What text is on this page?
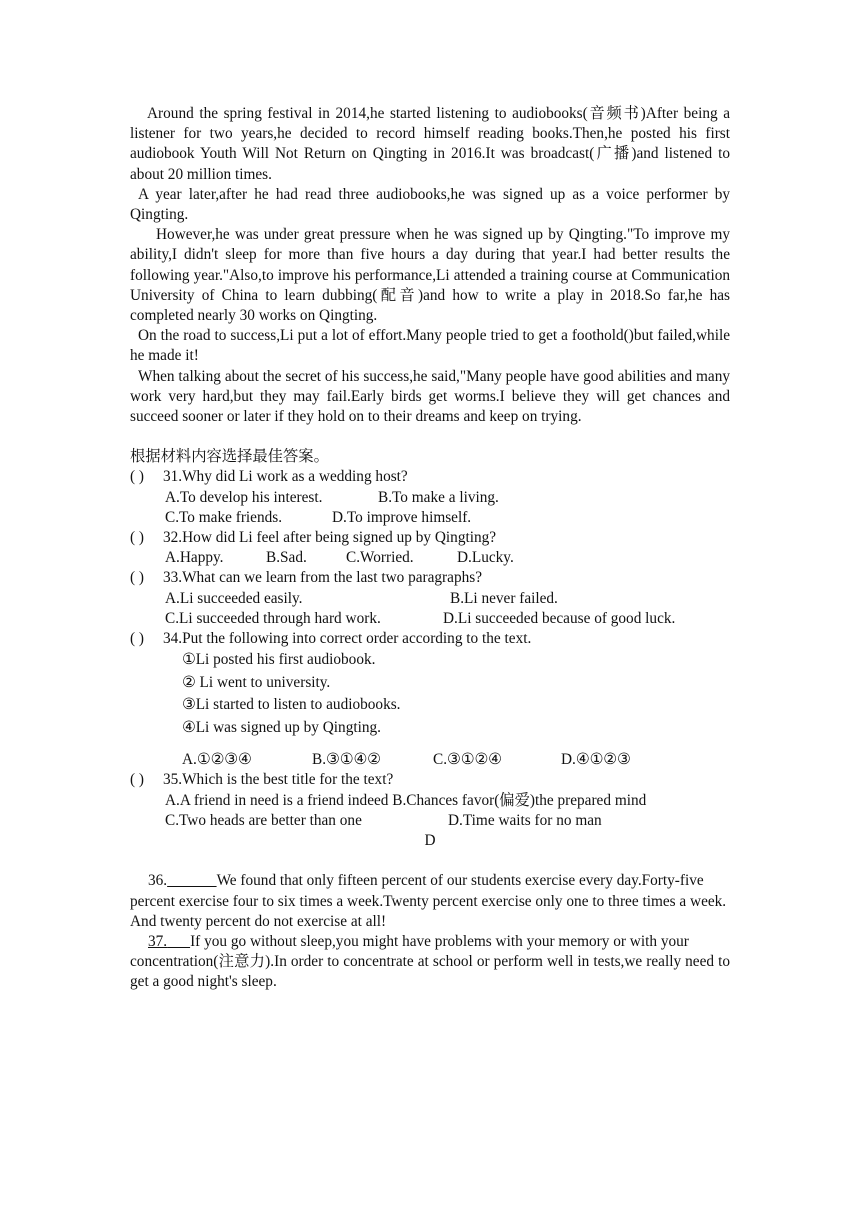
Around the spring festival in 2014,he started listening to audiobooks(音频书)After being a listener for two years,he decided to record himself reading books.Then,he posted his first audiobook Youth Will Not Return on Qingting in 2016.It was broadcast(广播)and listened to about 20 million times.

A year later,after he had read three audiobooks,he was signed up as a voice performer by Qingting.

However,he was under great pressure when he was signed up by Qingting."To improve my ability,I didn't sleep for more than five hours a day during that year.I had better results the following year."Also,to improve his performance,Li attended a training course at Communication University of China to learn dubbing(配音)and how to write a play in 2018.So far,he has completed nearly 30 works on Qingting.

On the road to success,Li put a lot of effort.Many people tried to get a foothold()but failed,while he made it!

When talking about the secret of his success,he said,"Many people have good abilities and many work very hard,but they may fail.Early birds get worms.I believe they will get chances and succeed sooner or later if they hold on to their dreams and keep on trying.

根据材料内容选择最佳答案。

( )	31.Why did Li work as a wedding host?
A.To develop his interest.	B.To make a living.
C.To make friends.	D.To improve himself.
( )	32.How did Li feel after being signed up by Qingting?
A.Happy.	B.Sad.	C.Worried.	D.Lucky.
( )	33.What can we learn from the last two paragraphs?
A.Li succeeded easily.	B.Li never failed.
C.Li succeeded through hard work.	D.Li succeeded because of good luck.
( )	34.Put the following into correct order according to the text.
①Li posted his first audiobook.
② Li went to university.
③Li started to listen to audiobooks.
④Li was signed up by Qingting.
A.①②③④	B.③①④②	C.③①②④	D.④①②③
( )	35.Which is the best title for the text?

A.A friend in need is a friend indeed B.Chances favor(偏爱)the prepared mind

C.Two heads are better than one	D.Time waits for no man

D

36.	We found that only fifteen percent of our students exercise every day.Forty-five

percent exercise four to six times a week.Twenty percent exercise only one to three times a week.

And twenty percent do not exercise at all!

37. If you go without sleep,you might have problems with your memory or with your

concentration(注意力).In order to concentrate at school or perform well in tests,we really need to get a good night's sleep.
